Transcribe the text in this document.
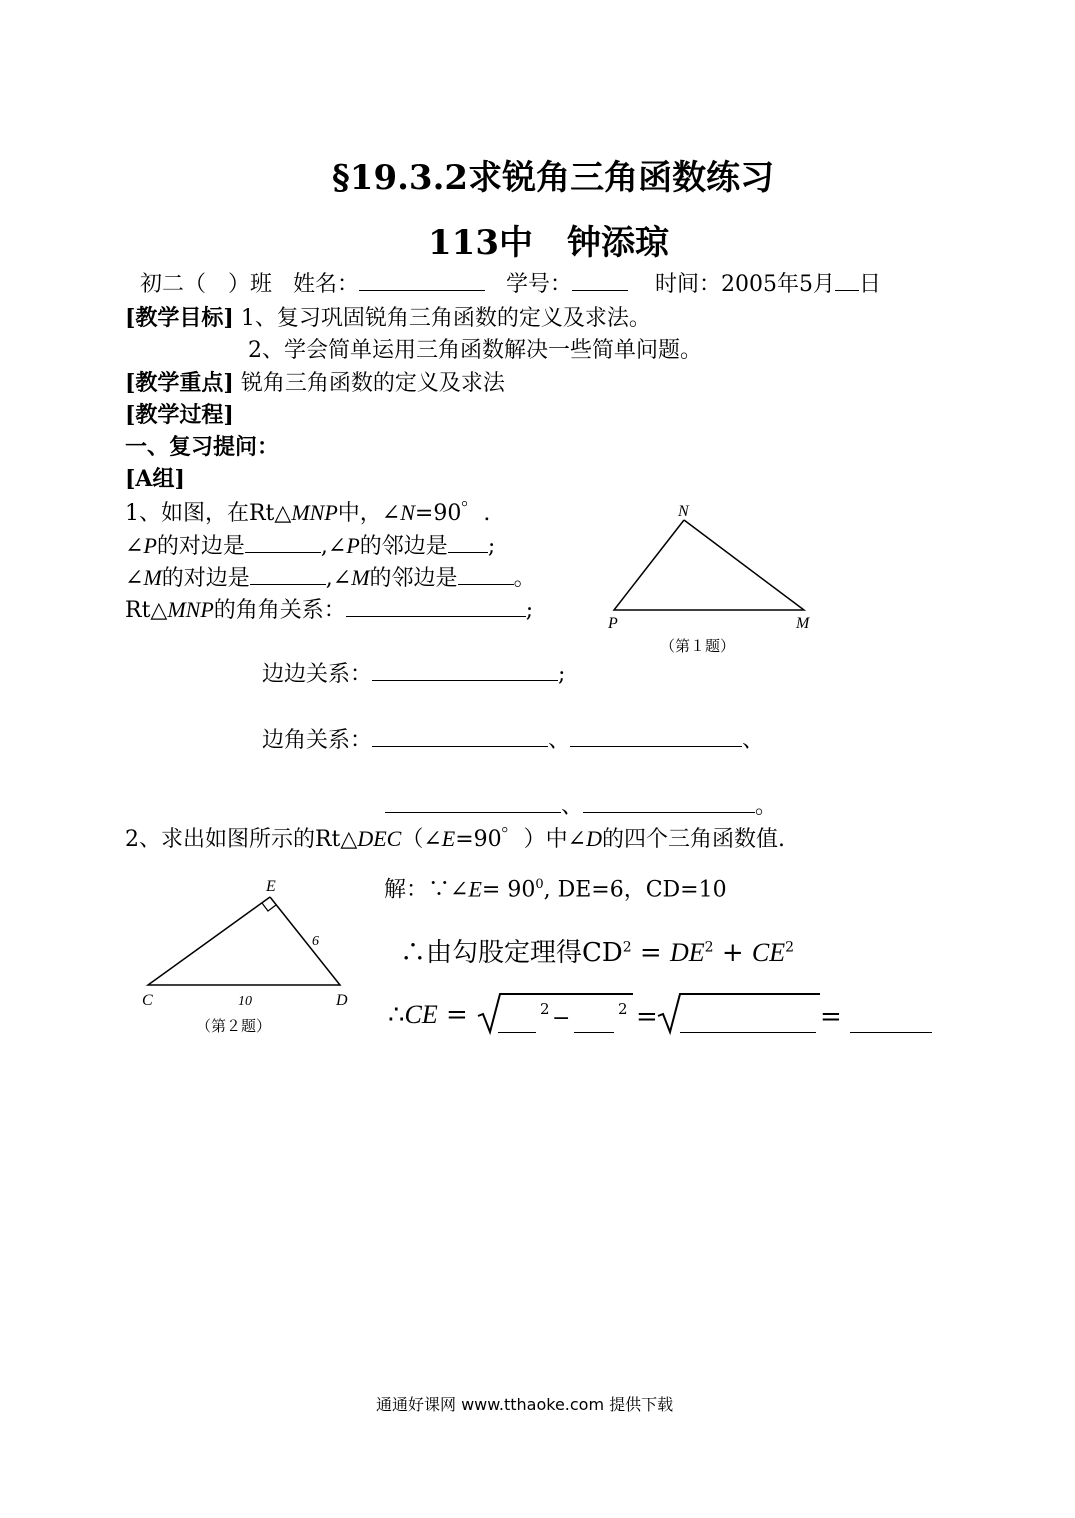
§19.3.2求锐角三角函数练习
113中　钟添琼
初二（　）班 姓名：	学号：	时间：2005年5月 日
[教学目标] 1、复习巩固锐角三角函数的定义及求法。
2、学会简单运用三角函数解决一些简单问题。
[教学重点] 锐角三角函数的定义及求法
[教学过程]
一、复习提问：
[A组]
1、如图，在Rt△MNP中，∠N=90゜.
∠P的对边是	,∠P的邻边是 ;
∠M的对边是	,∠M的邻边是	。
Rt△MNP的角角关系：	;
边边关系：	;
边角关系：	、	、
、	。
N
P	M
（第１题）
2、求出如图所示的Rt△DEC（∠E=90゜）中∠D的四个三角函数值.
E
C	D
6
10
（第２题）
解：∵∠E= $90^0$, DE=6，CD=10
∴由勾股定理得$CD^2 = DE^2 + CE^2$
∴CE =	2 −	2 =	=
通通好课网 www.tthaoke.com 提供下载
